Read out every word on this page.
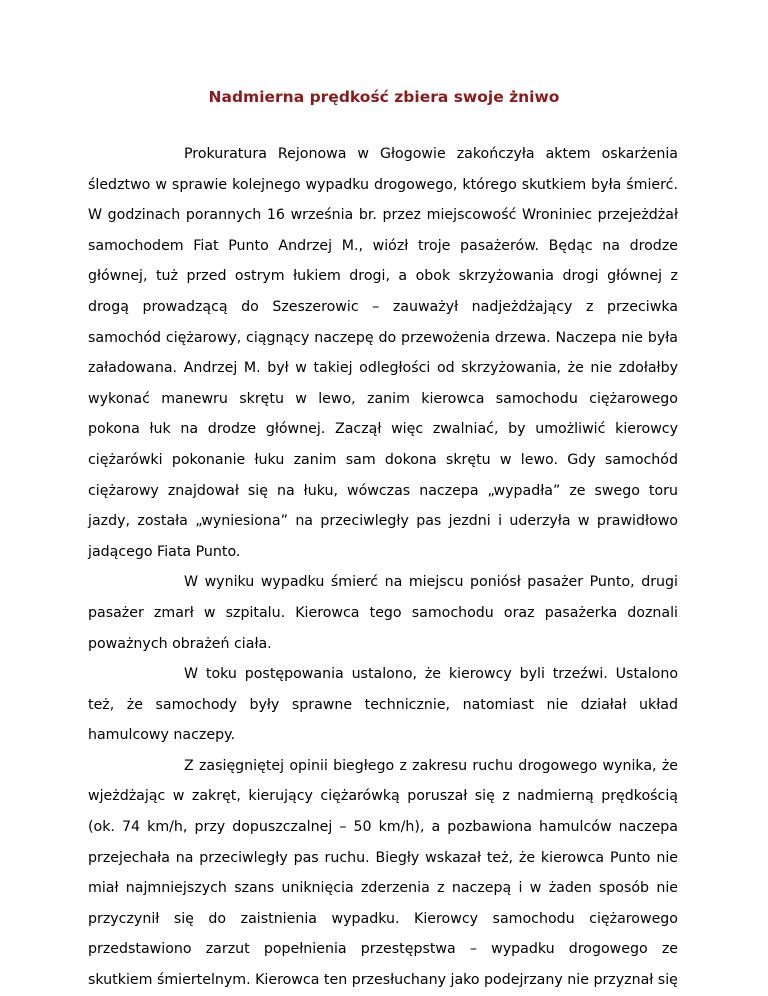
Nadmierna prędkość zbiera swoje żniwo

Prokuratura Rejonowa w Głogowie zakończyła aktem oskarżenia śledztwo w sprawie kolejnego wypadku drogowego, którego skutkiem była śmierć. W godzinach porannych 16 września br. przez miejscowość Wroniniec przejeżdżał samochodem Fiat Punto Andrzej M., wiózł troje pasażerów. Będąc na drodze głównej, tuż przed ostrym łukiem drogi, a obok skrzyżowania drogi głównej z drogą prowadzącą do Szeszerowic – zauważył nadjeżdżający z przeciwka samochód ciężarowy, ciągnący naczepę do przewożenia drzewa. Naczepa nie była załadowana. Andrzej M. był w takiej odległości od skrzyżowania, że nie zdołałby wykonać manewru skrętu w lewo, zanim kierowca samochodu ciężarowego pokona łuk na drodze głównej. Zaczął więc zwalniać, by umożliwić kierowcy ciężarówki pokonanie łuku zanim sam dokona skrętu w lewo. Gdy samochód ciężarowy znajdował się na łuku, wówczas naczepa „wypadła” ze swego toru jazdy, została „wyniesiona” na przeciwległy pas jezdni i uderzyła w prawidłowo jadącego Fiata Punto.

W wyniku wypadku śmierć na miejscu poniósł pasażer Punto, drugi pasażer zmarł w szpitalu. Kierowca tego samochodu oraz pasażerka doznali poważnych obrażeń ciała.

W toku postępowania ustalono, że kierowcy byli trzeźwi. Ustalono też, że samochody były sprawne technicznie, natomiast nie działał układ hamulcowy naczepy.

Z zasięgniętej opinii biegłego z zakresu ruchu drogowego wynika, że wjeżdżając w zakręt, kierujący ciężarówką poruszał się z nadmierną prędkością (ok. 74 km/h, przy dopuszczalnej – 50 km/h), a pozbawiona hamulców naczepa przejechała na przeciwległy pas ruchu. Biegły wskazał też, że kierowca Punto nie miał najmniejszych szans uniknięcia zderzenia z naczepą i w żaden sposób nie przyczynił się do zaistnienia wypadku. Kierowcy samochodu ciężarowego przedstawiono zarzut popełnienia przestępstwa – wypadku drogowego ze skutkiem śmiertelnym. Kierowca ten przesłuchany jako podejrzany nie przyznał się
